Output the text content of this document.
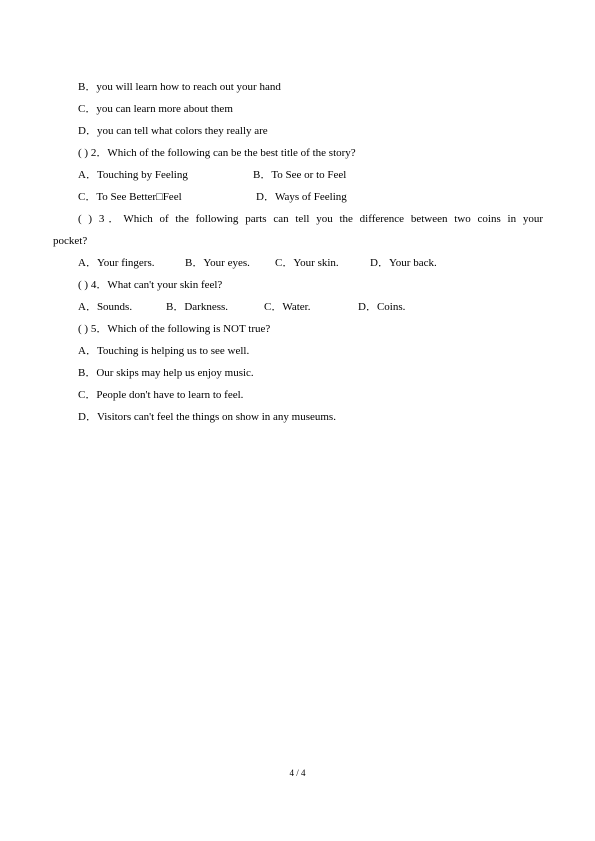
B．you will learn how to reach out your hand
C．you can learn more about them
D．you can tell what colors they really are
( ) 2．Which of the following can be the best title of the story?
A．Touching by Feeling	B．To See or to Feel
C．To See Better□Feel	D．Ways of Feeling
( ) 3．Which of the following parts can tell you the difference between two coins in your
pocket?
A．Your fingers.	B．Your eyes. C．Your skin.	D．Your back.
( ) 4．What can't your skin feel?
A．Sounds.	B．Darkness.	C．Water.	D．Coins.
( ) 5．Which of the following is NOT true?
A．Touching is helping us to see well.
B．Our skips may help us enjoy music.
C．People don't have to learn to feel.
D．Visitors can't feel the things on show in any museums.
4 / 4
